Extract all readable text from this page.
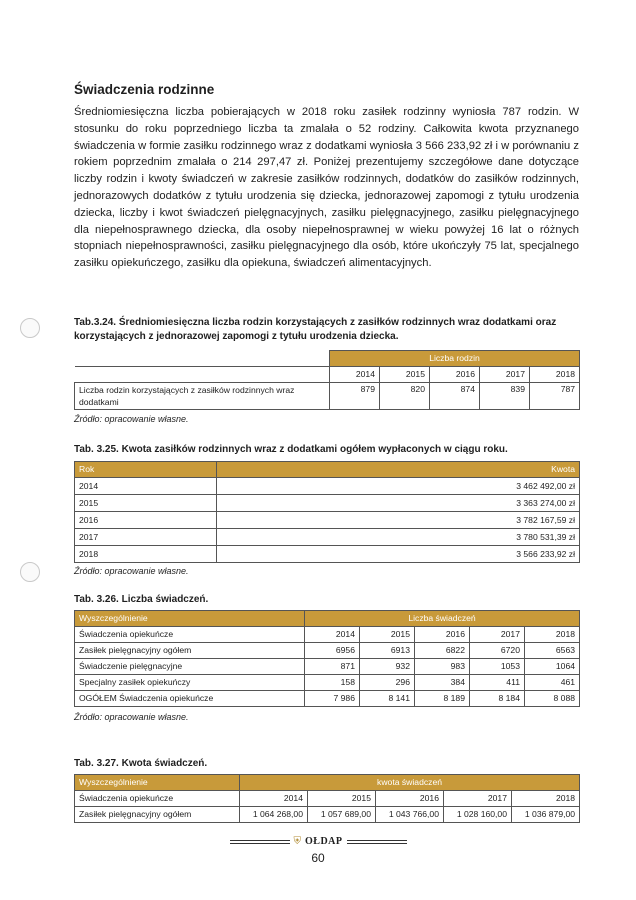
Świadczenia rodzinne

Średniomiesięczna liczba pobierających w 2018 roku zasiłek rodzinny wyniosła 787 rodzin. W stosunku do roku poprzedniego liczba ta zmalała o 52 rodziny. Całkowita kwota przyznanego świadczenia w formie zasiłku rodzinnego wraz z dodatkami wyniosła 3 566 233,92 zł i w porównaniu z rokiem poprzednim zmalała o 214 297,47 zł. Poniżej prezentujemy szczegółowe dane dotyczące liczby rodzin i kwoty świadczeń w zakresie zasiłków rodzinnych, dodatków do zasiłków rodzinnych, jednorazowych dodatków z tytułu urodzenia się dziecka, jednorazowej zapomogi z tytułu urodzenia dziecka, liczby i kwot świadczeń pielęgnacyjnych, zasiłku pielęgnacyjnego, zasiłku pielęgnacyjnego dla niepełnosprawnego dziecka, dla osoby niepełnosprawnej w wieku powyżej 16 lat o różnych stopniach niepełnosprawności, zasiłku pielęgnacyjnego dla osób, które ukończyły 75 lat, specjalnego zasiłku opiekuńczego, zasiłku dla opiekuna, świadczeń alimentacyjnych.

Tab.3.24. Średniomiesięczna liczba rodzin korzystających z zasiłków rodzinnych wraz dodatkami oraz korzystających z jednorazowej zapomogi z tytułu urodzenia dziecka.

	Liczba rodzin				
	2014	2015	2016	2017	2018
Liczba rodzin korzystających z zasiłków rodzinnych wraz dodatkami	879	820	874	839	787

Źródło: opracowanie własne.

Tab. 3.25. Kwota zasiłków rodzinnych wraz z dodatkami ogółem wypłaconych w ciągu roku.

Rok	Kwota
2014	3 462 492,00 zł
2015	3 363 274,00 zł
2016	3 782 167,59 zł
2017	3 780 531,39 zł
2018	3 566 233,92 zł

Źródło: opracowanie własne.

Tab. 3.26. Liczba świadczeń.

Wyszczególnienie	Liczba świadczeń				
Świadczenia opiekuńcze	2014	2015	2016	2017	2018
Zasiłek pielęgnacyjny ogółem	6956	6913	6822	6720	6563
Świadczenie pielęgnacyjne	871	932	983	1053	1064
Specjalny zasiłek opiekuńczy	158	296	384	411	461
OGÓŁEM Świadczenia opiekuńcze	7 986	8 141	8 189	8 184	8 088

Źródło: opracowanie własne.

Tab. 3.27. Kwota świadczeń.

Wyszczególnienie	kwota świadczeń				
Świadczenia opiekuńcze	2014	2015	2016	2017	2018
Zasiłek pielęgnacyjny ogółem	1 064 268,00	1 057 689,00	1 043 766,00	1 028 160,00	1 036 879,00
⛨ OŁDAP
60
